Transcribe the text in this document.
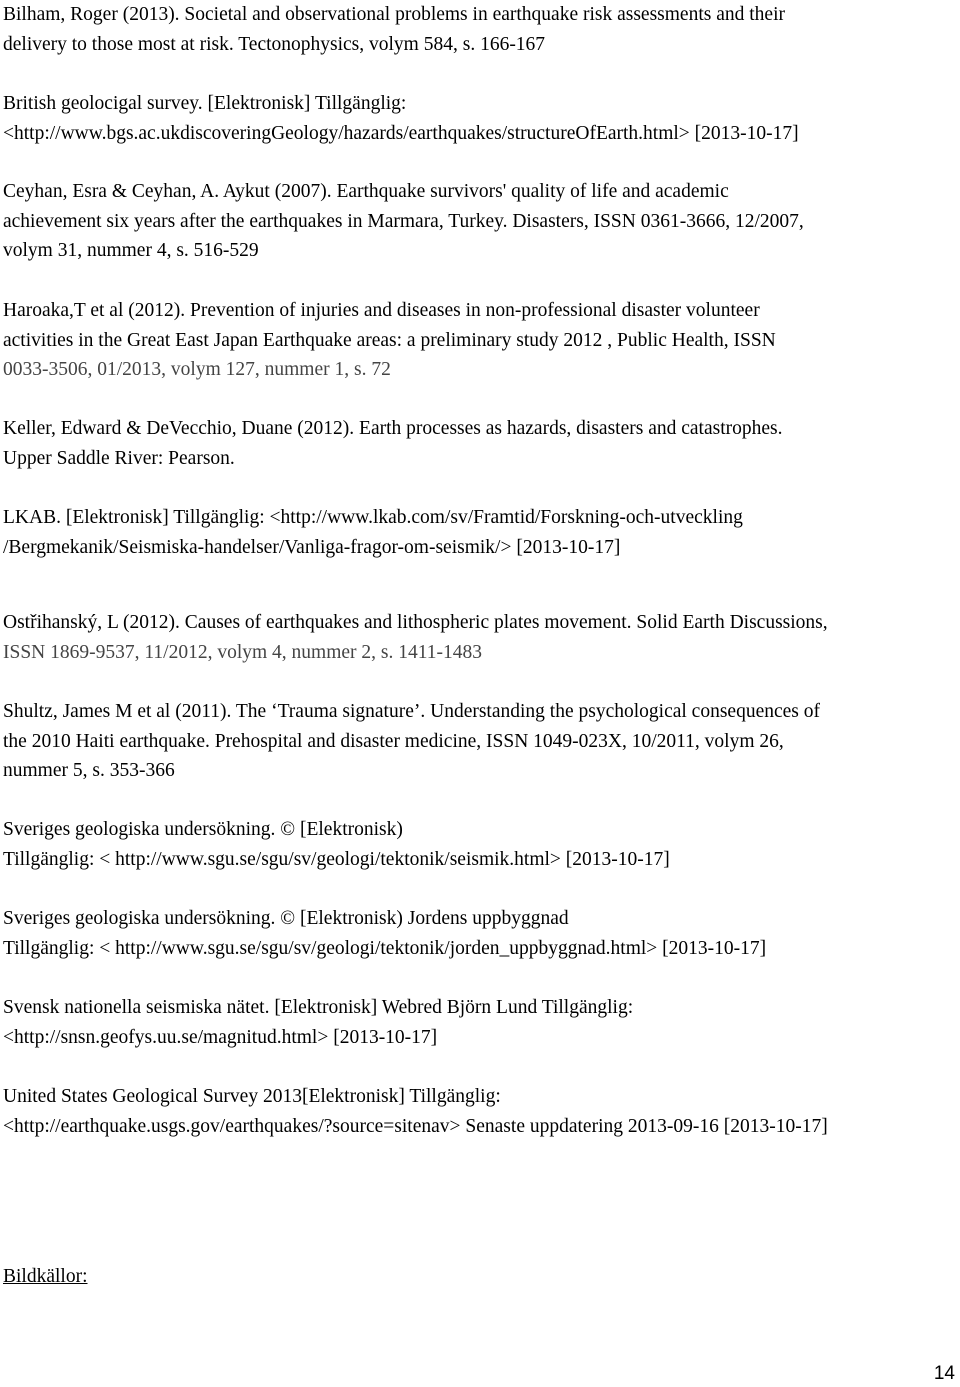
Bilham, Roger (2013). Societal and observational problems in earthquake risk assessments and their
delivery to those most at risk. Tectonophysics, volym 584, s. 166-167

British geolocigal survey. [Elektronisk] Tillgänglig:
<http://www.bgs.ac.ukdiscoveringGeology/hazards/earthquakes/structureOfEarth.html> [2013-10-17]

Ceyhan, Esra & Ceyhan, A. Aykut (2007). Earthquake survivors' quality of life and academic
achievement six years after the earthquakes in Marmara, Turkey. Disasters, ISSN 0361-3666, 12/2007,
volym 31, nummer 4, s. 516-529

Haroaka,T et al (2012). Prevention of injuries and diseases in non-professional disaster volunteer
activities in the Great East Japan Earthquake areas: a preliminary study 2012 , Public Health, ISSN
0033-3506, 01/2013, volym 127, nummer 1, s. 72

Keller, Edward & DeVecchio, Duane (2012). Earth processes as hazards, disasters and catastrophes.
Upper Saddle River: Pearson.

LKAB. [Elektronisk] Tillgänglig: <http://www.lkab.com/sv/Framtid/Forskning-och-utveckling
/Bergmekanik/Seismiska-handelser/Vanliga-fragor-om-seismik/> [2013-10-17]

Ostřihanský, L (2012). Causes of earthquakes and lithospheric plates movement. Solid Earth Discussions,
ISSN 1869-9537, 11/2012, volym 4, nummer 2, s. 1411-1483

Shultz, James M et al (2011). The ‘Trauma signature’. Understanding the psychological consequences of
the 2010 Haiti earthquake. Prehospital and disaster medicine, ISSN 1049-023X, 10/2011, volym 26,
nummer 5, s. 353-366

Sveriges geologiska undersökning. © [Elektronisk)
Tillgänglig: < http://www.sgu.se/sgu/sv/geologi/tektonik/seismik.html> [2013-10-17]

Sveriges geologiska undersökning. © [Elektronisk) Jordens uppbyggnad
Tillgänglig: < http://www.sgu.se/sgu/sv/geologi/tektonik/jorden_uppbyggnad.html> [2013-10-17]

Svensk nationella seismiska nätet. [Elektronisk] Webred Björn Lund Tillgänglig:
<http://snsn.geofys.uu.se/magnitud.html> [2013-10-17]

United States Geological Survey 2013[Elektronisk] Tillgänglig:
<http://earthquake.usgs.gov/earthquakes/?source=sitenav> Senaste uppdatering 2013-09-16 [2013-10-17]

Bildkällor:
14
